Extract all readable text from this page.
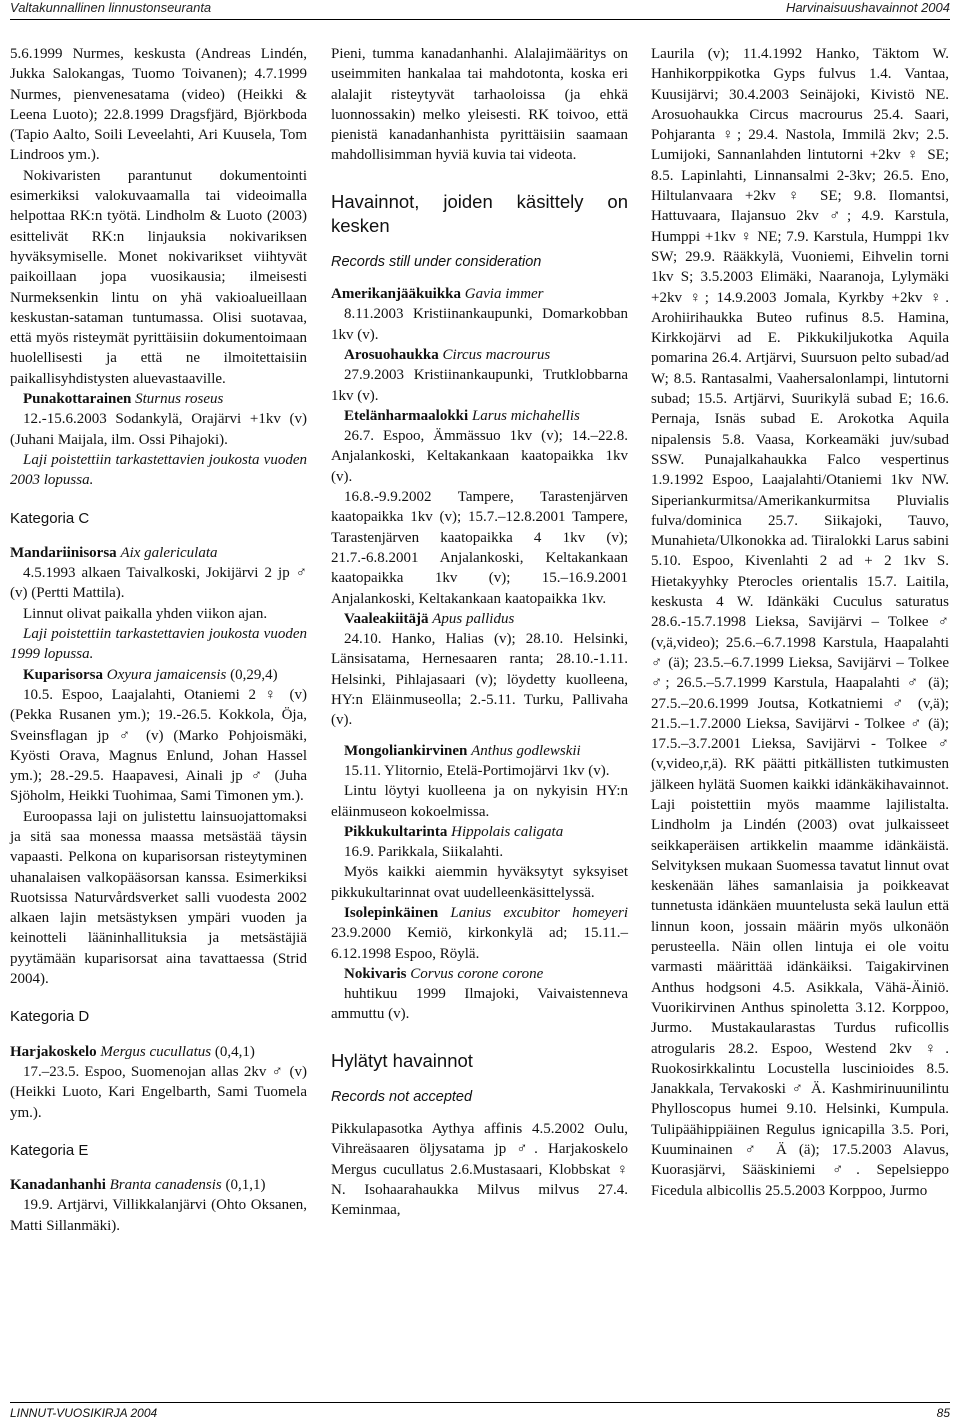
Valtakunnallinen linnustonseuranta	Harvinaisuushavainnot 2004

5.6.1999 Nurmes, keskusta (Andreas Lindén, Jukka Salokangas, Tuomo Toivanen); 4.7.1999 Nurmes, pienvenesatama (video) (Heikki & Leena Luoto); 22.8.1999 Dragsfjärd, Björkboda (Tapio Aalto, Soili Leveelahti, Ari Kuusela, Tom Lindroos ym.).

Nokivaristen parantunut dokumentointi esimerkiksi valokuvaamalla tai videoimalla helpottaa RK:n työtä. Lindholm & Luoto (2003) esittelivät RK:n linjauksia nokivariksen hyväksymiselle. Monet nokivarikset viihtyvät paikoillaan jopa vuosikausia; ilmeisesti Nurmeksenkin lintu on yhä vakioalueillaan keskustan-sataman tuntumassa. Olisi suotavaa, että myös risteymät pyrittäisiin dokumentoimaan huolellisesti ja että ne ilmoitettaisiin paikallisyhdistysten aluevastaaville.

Punakottarainen Sturnus roseus

12.-15.6.2003 Sodankylä, Orajärvi +1kv (v) (Juhani Maijala, ilm. Ossi Pihajoki).

Laji poistettiin tarkastettavien joukosta vuoden 2003 lopussa.

Kategoria C

Mandariinisorsa Aix galericulata

4.5.1993 alkaen Taivalkoski, Jokijärvi 2 jp ♂ (v) (Pertti Mattila).

Linnut olivat paikalla yhden viikon ajan.

Laji poistettiin tarkastettavien joukosta vuoden 1999 lopussa.

Kuparisorsa Oxyura jamaicensis (0,29,4)

10.5. Espoo, Laajalahti, Otaniemi 2 ♀ (v) (Pekka Rusanen ym.); 19.-26.5. Kokkola, Öja, Sveinsflagan jp ♂ (v) (Marko Pohjoismäki, Kyösti Orava, Magnus Enlund, Johan Hassel ym.); 28.-29.5. Haapavesi, Ainali jp ♂ (Juha Sjöholm, Heikki Tuohimaa, Sami Timonen ym.).

Euroopassa laji on julistettu lainsuojattomaksi ja sitä saa monessa maassa metsästää täysin vapaasti. Pelkona on kuparisorsan risteytyminen uhanalaisen valkopääsorsan kanssa. Esimerkiksi Ruotsissa Naturvårdsverket salli vuodesta 2002 alkaen lajin metsästyksen ympäri vuoden ja keinotteli lääninhallituksia ja metsästäjiä pyytämään kuparisorsat aina tavattaessa (Strid 2004).

Kategoria D

Harjakoskelo Mergus cucullatus (0,4,1)

17.–23.5. Espoo, Suomenojan allas 2kv ♂ (v) (Heikki Luoto, Kari Engelbarth, Sami Tuomela ym.).

Kategoria E

Kanadanhanhi Branta canadensis (0,1,1)

19.9. Artjärvi, Villikkalanjärvi (Ohto Oksanen, Matti Sillanmäki).

Pieni, tumma kanadanhanhi. Alalajimääritys on useimmiten hankalaa tai mahdotonta, koska eri alalajit risteytyvät tarhaoloissa (ja ehkä luonnossakin) melko yleisesti. RK toivoo, että pienistä kanadanhanhista pyrittäisiin saamaan mahdollisimman hyviä kuvia tai videota.

Havainnot, joiden käsittely on kesken
Records still under consideration

Amerikanjääkuikka Gavia immer

8.11.2003 Kristiinankaupunki, Domarkobban 1kv (v).

Arosuohaukka Circus macrourus

27.9.2003 Kristiinankaupunki, Trutklobbarna 1kv (v).

Etelänharmaalokki Larus michahellis

26.7. Espoo, Ämmässuo 1kv (v); 14.–22.8. Anjalankoski, Keltakankaan kaatopaikka 1kv (v).

16.8.-9.9.2002 Tampere, Tarastenjärven kaatopaikka 1kv (v); 15.7.–12.8.2001 Tampere, Tarastenjärven kaatopaikka 4 1kv (v); 21.7.-6.8.2001 Anjalankoski, Keltakankaan kaatopaikka 1kv (v); 15.–16.9.2001 Anjalankoski, Keltakankaan kaatopaikka 1kv.

Vaaleakiitäjä Apus pallidus

24.10. Hanko, Halias (v); 28.10. Helsinki, Länsisatama, Hernesaaren ranta; 28.10.-1.11. Helsinki, Pihlajasaari (v); löydetty kuolleena, HY:n Eläinmuseolla; 2.-5.11. Turku, Pallivaha (v).

Mongoliankirvinen Anthus godlewskii

15.11. Ylitornio, Etelä-Portimojärvi 1kv (v).

Lintu löytyi kuolleena ja on nykyisin HY:n eläinmuseon kokoelmissa.

Pikkukultarinta Hippolais caligata

16.9. Parikkala, Siikalahti.

Myös kaikki aiemmin hyväksytyt syksyiset pikkukultarinnat ovat uudelleenkäsittelyssä.

Isolepinkäinen Lanius excubitor homeyeri 23.9.2000 Kemiö, kirkonkylä ad; 15.11.–6.12.1998 Espoo, Röylä.

Nokivaris Corvus corone corone

huhtikuu 1999 Ilmajoki, Vaivaistenneva ammuttu (v).

Hylätyt havainnot
Records not accepted

Pikkulapasotka Aythya affinis 4.5.2002 Oulu, Vihreäsaaren öljysatama jp ♂. Harjakoskelo Mergus cucullatus 2.6.Mustasaari, Klobbskat ♀ N. Isohaarahaukka Milvus milvus 27.4. Keminmaa,

Laurila (v); 11.4.1992 Hanko, Täktom W. Hanhikorppikotka Gyps fulvus 1.4. Vantaa, Kuusijärvi; 30.4.2003 Seinäjoki, Kivistö NE. Arosuohaukka Circus macrourus 25.4. Saari, Pohjaranta ♀; 29.4. Nastola, Immilä 2kv; 2.5. Lumijoki, Sannanlahden lintutorni +2kv ♀ SE; 8.5. Lapinlahti, Linnansalmi 2-3kv; 26.5. Eno, Hiltulanvaara +2kv ♀ SE; 9.8. Ilomantsi, Hattuvaara, Ilajansuo 2kv ♂; 4.9. Karstula, Humppi +1kv ♀ NE; 7.9. Karstula, Humppi 1kv SW; 29.9. Rääkkylä, Vuoniemi, Eihvelin torni 1kv S; 3.5.2003 Elimäki, Naaranoja, Lylymäki +2kv ♀; 14.9.2003 Jomala, Kyrkby +2kv ♀. Arohiirihaukka Buteo rufinus 8.5. Hamina, Kirkkojärvi ad E. Pikkukiljukotka Aquila pomarina 26.4. Artjärvi, Suursuon pelto subad/ad W; 8.5. Rantasalmi, Vaahersalonlampi, lintutorni subad; 15.5. Artjärvi, Suurikylä subad E; 16.6. Pernaja, Isnäs subad E. Arokotka Aquila nipalensis 5.8. Vaasa, Korkeamäki juv/subad SSW. Punajalkahaukka Falco vespertinus 1.9.1992 Espoo, Laajalahti/Otaniemi 1kv NW. Siperiankurmitsa/Amerikankurmitsa Pluvialis fulva/dominica 25.7. Siikajoki, Tauvo, Munahieta/Ulkonokka ad. Tiiralokki Larus sabini 5.10. Espoo, Kivenlahti 2 ad + 2 1kv S. Hietakyyhky Pterocles orientalis 15.7. Laitila, keskusta 4 W. Idänkäki Cuculus saturatus 28.6.-15.7.1998 Lieksa, Savijärvi – Tolkee ♂ (v,ä,video); 25.6.–6.7.1998 Karstula, Haapalahti ♂ (ä); 23.5.–6.7.1999 Lieksa, Savijärvi – Tolkee ♂; 26.5.–5.7.1999 Karstula, Haapalahti ♂ (ä); 27.5.–20.6.1999 Joutsa, Kotkatniemi ♂ (v,ä); 21.5.–1.7.2000 Lieksa, Savijärvi - Tolkee ♂ (ä); 17.5.–3.7.2001 Lieksa, Savijärvi - Tolkee ♂ (v,video,r,ä). RK päätti pitkällisten tutkimusten jälkeen hylätä Suomen kaikki idänkäkihavainnot. Laji poistettiin myös maamme lajilistalta. Lindholm ja Lindén (2003) ovat julkaisseet seikkaperäisen artikkelin maamme idänkäistä. Selvityksen mukaan Suomessa tavatut linnut ovat keskenään lähes samanlaisia ja poikkeavat tunnetusta idänkäen muuntelusta sekä laulun että linnun koon, jossain määrin myös ulkonäön perusteella. Näin ollen lintuja ei ole voitu varmasti määrittää idänkäiksi. Taigakirvinen Anthus hodgsoni 4.5. Asikkala, Vähä-Äiniö. Vuorikirvinen Anthus spinoletta 3.12. Korppoo, Jurmo. Mustakaularastas Turdus ruficollis atrogularis 28.2. Espoo, Westend 2kv ♀. Ruokosirkkalintu Locustella luscinioides 8.5. Janakkala, Tervakoski ♂ Ä. Kashmirinuunilintu Phylloscopus humei 9.10. Helsinki, Kumpula. Tulipäähippiäinen Regulus ignicapilla 3.5. Pori, Kuuminainen ♂ Ä (ä); 17.5.2003 Alavus, Kuorasjärvi, Sääskiniemi ♂. Sepelsieppo Ficedula albicollis 25.5.2003 Korppoo, Jurmo

LINNUT-VUOSIKIRJA 2004	85
